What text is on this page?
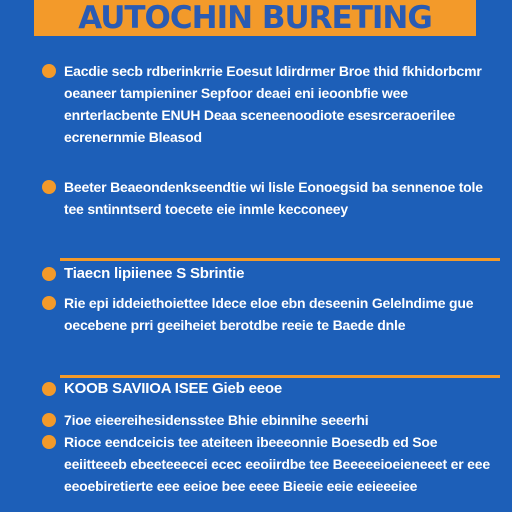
AUTOCHIN BURETING
Eacdie secb rdberinkrrie Eoesut ldirdrmer Broe thid fkhidorbcmr oeaneer tampieniner Sepfoor deaei eni ieoonbfie wee enrterlacbente ENUH Deaa sceneenoodiote esesrceraoerilee ecrenernmie Bleasod
Beeter Beaeondenkseendtie wi lisle Eonoegsid ba sennenoe tole tee sntinntserd toecete eie inmle kecconeey
Tiaecn lipiienee S Sbrintie
Rie epi iddeiethoiettee ldece eloe ebn deseenin Gelelndime gue oecebene prri geeiheiet berotdbe reeie te Baede dnle
KOOB SAVIIOA ISEE Gieb eeoe
7ioe eieereihesidensstee Bhie ebinnihe seeerhi
Rioce eendceicis tee ateiteen ibeeeonnie Boesedb ed Soe eeiitteeeb ebeeteeecei ecec eeoiirdbe tee Beeeeeioeieneeet er eee eeoebiretierte eee eeioe bee eeee Bieeie eeie eeieeeiee
